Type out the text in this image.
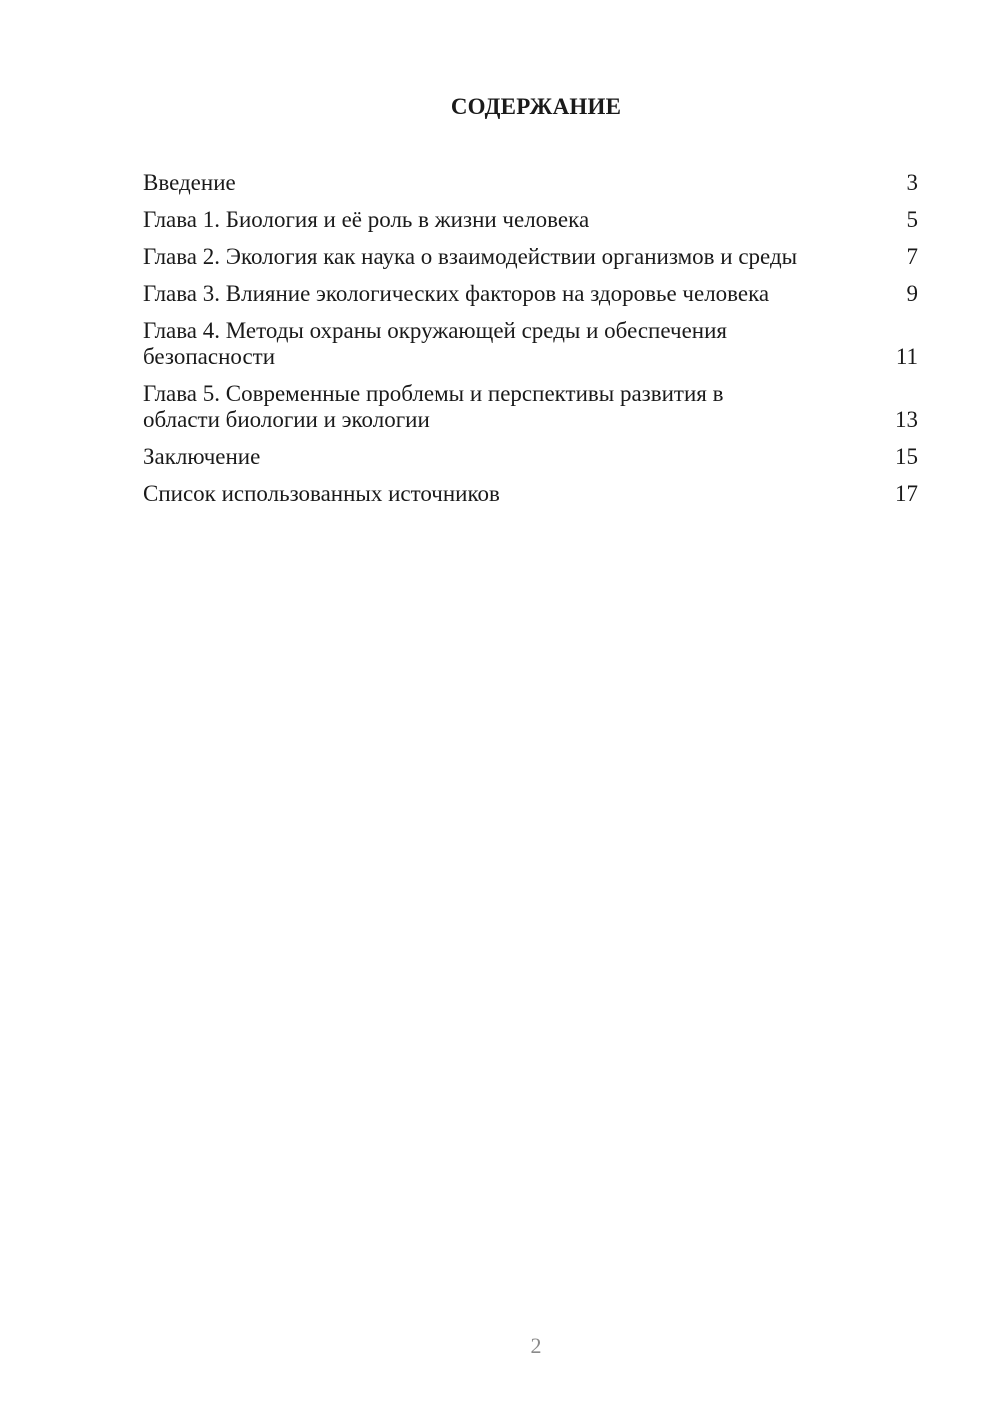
СОДЕРЖАНИЕ
Введение	3
Глава 1. Биология и её роль в жизни человека	5
Глава 2. Экология как наука о взаимодействии организмов и среды	7
Глава 3. Влияние экологических факторов на здоровье человека	9
Глава 4. Методы охраны окружающей среды и обеспечения безопасности	11
Глава 5. Современные проблемы и перспективы развития в области биологии и экологии	13
Заключение	15
Список использованных источников	17
2
